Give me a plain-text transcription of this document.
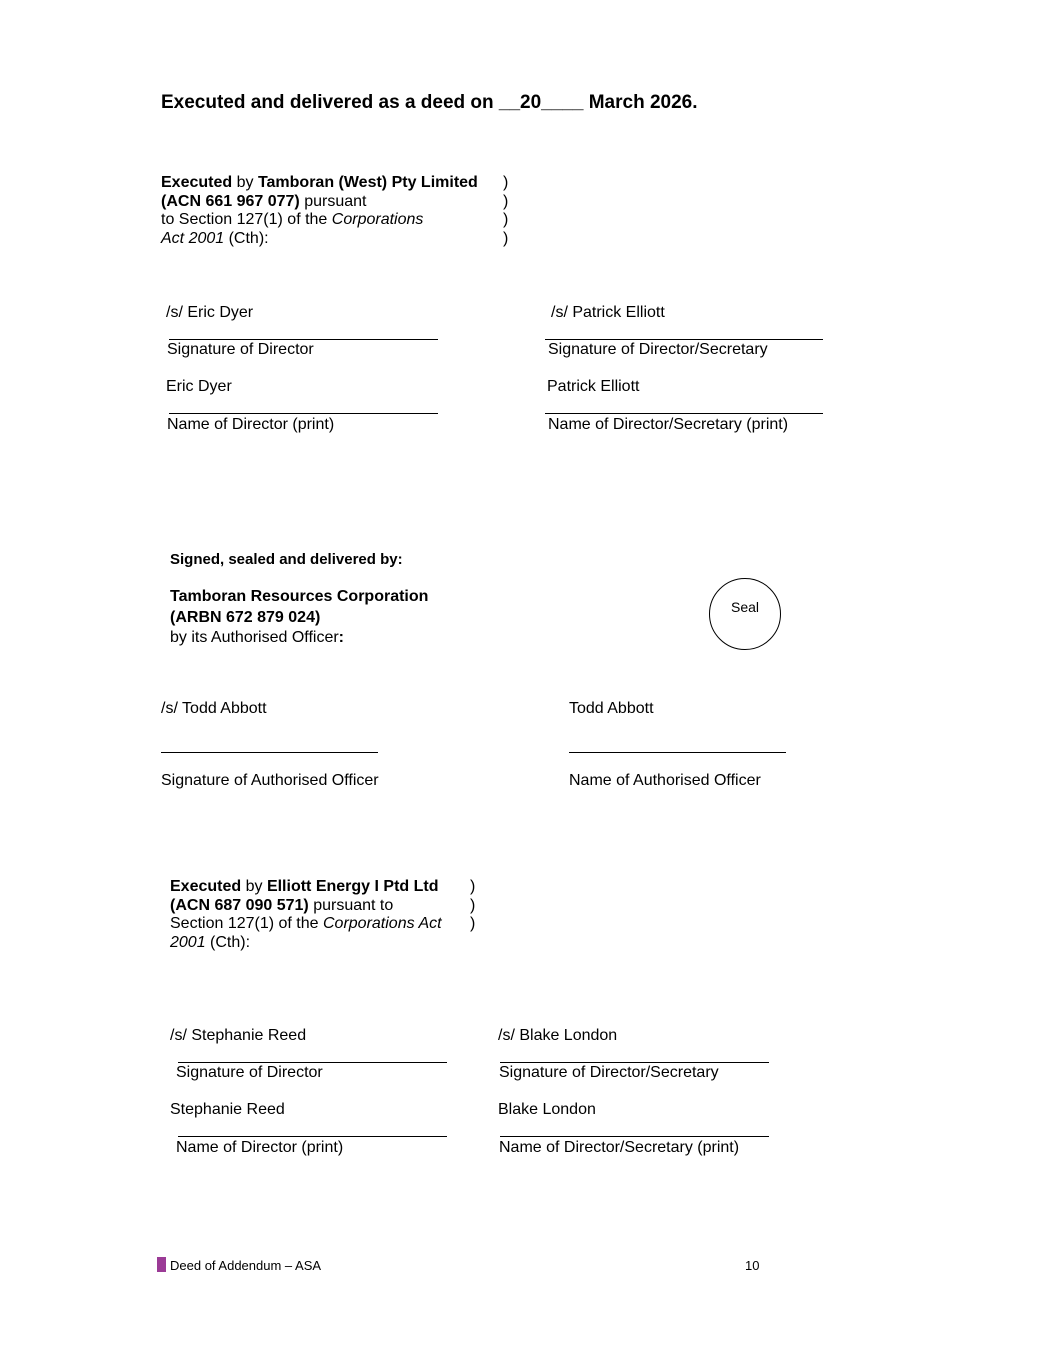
Executed and delivered as a deed on __20____ March 2026.
Executed by Tamboran (West) Pty Limited
(ACN 661 967 077) pursuant
to Section 127(1) of the Corporations
Act 2001 (Cth):
)
)
)
)
/s/ Eric Dyer
Signature of Director
Eric Dyer
Name of Director (print)
/s/ Patrick Elliott
Signature of Director/Secretary
Patrick Elliott
Name of Director/Secretary (print)
Signed, sealed and delivered by:
Tamboran Resources Corporation
(ARBN 672 879 024)
by its Authorised Officer:
Seal
/s/ Todd Abbott
Signature of Authorised Officer
Todd Abbott
Name of Authorised Officer
Executed by Elliott Energy I Ptd Ltd
(ACN 687 090 571) pursuant to
Section 127(1) of the Corporations Act
2001 (Cth):
)
)
)
/s/ Stephanie Reed
Signature of Director
Stephanie Reed
Name of Director (print)
/s/ Blake London
Signature of Director/Secretary
Blake London
Name of Director/Secretary (print)
Deed of Addendum – ASA	10
